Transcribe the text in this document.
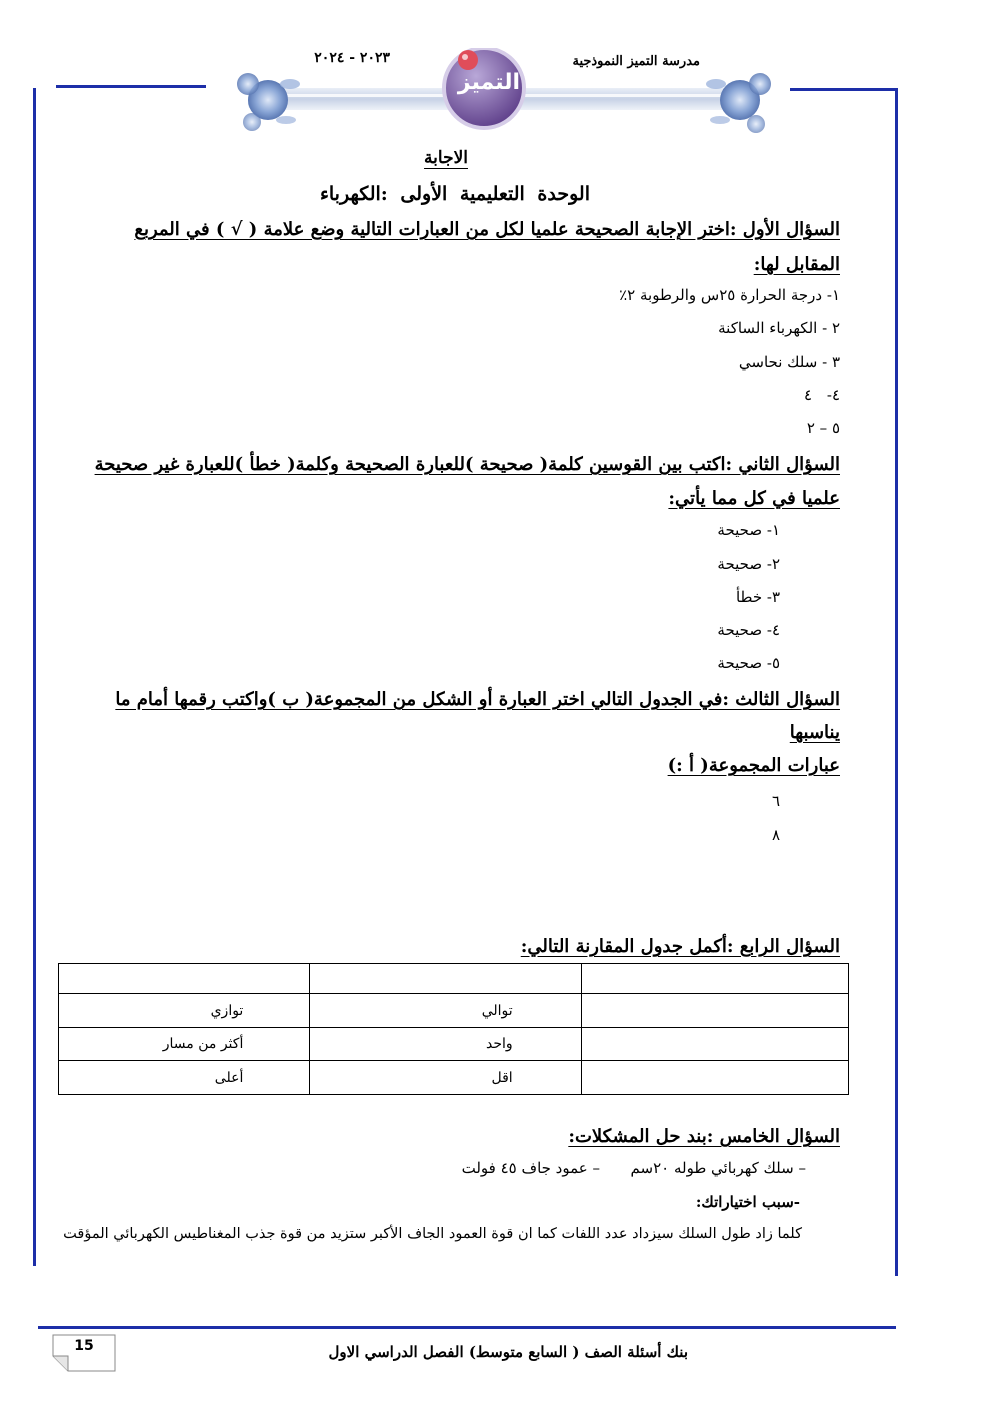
التميز
مدرسة التميز النموذجية
٢٠٢٣ - ٢٠٢٤
الاجابة
الوحدة التعليمية الأولى :الكهرباء
السؤال الأول :اختر الإجابة الصحيحة علميا لكل من العبارات التالية وضع علامة ( √ ) في المربع
المقابل لها:
١- درجة الحرارة ٢٥س والرطوبة ٢٪
٢ - الكهرباء الساكنة
٣ - سلك نحاسي
٤- ٤
٥ – ٢
السؤال الثاني :اكتب بين القوسين كلمة( صحيحة )للعبارة الصحيحة وكلمة( خطأ )للعبارة غير صحيحة
علميا في كل مما يأتي:
١- صحيحة
٢- صحيحة
٣- خطأ
٤- صحيحة
٥- صحيحة
السؤال الثالث :في الجدول التالي اختر العبارة أو الشكل من المجموعة( ب )واكتب رقمها أمام ما
يناسبها
عبارات المجموعة( أ :)
٦
٨
السؤال الرابع :أكمل جدول المقارنة التالي:

	توالي	توازي
	واحد	أكثر من مسار
	اقل	أعلى
السؤال الخامس :بند حل المشكلات:
– سلك كهربائي طوله ٢٠سم
– عمود جاف ٤٥ فولت
-سبب اختياراتك:
كلما زاد طول السلك سيزداد عدد اللفات كما ان قوة العمود الجاف الأكبر ستزيد من قوة جذب المغناطيس الكهربائي المؤقت
بنك أسئلة الصف ( السابع متوسط) الفصل الدراسي الاول
15
